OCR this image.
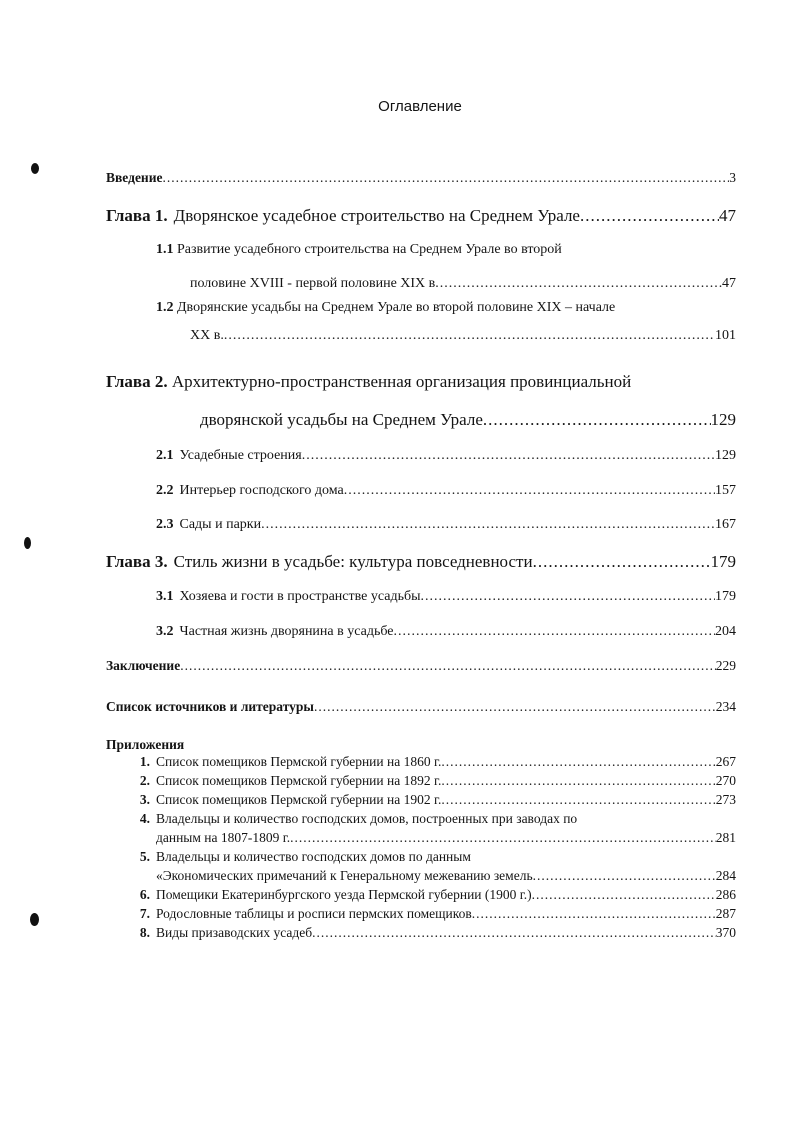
Оглавление
Введение .....	3
Глава 1. Дворянское усадебное строительство на Среднем Урале .....	47
1.1 Развитие усадебного строительства на Среднем Урале во второй
половине XVIII - первой половине XIX в .....	47
1.2 Дворянские усадьбы на Среднем Урале во второй половине XIX – начале
XX в. .....	101
Глава 2. Архитектурно-пространственная организация провинциальной
дворянской усадьбы на Среднем Урале .....	129
2.1 Усадебные строения .....	129
2.2 Интерьер господского дома .....	157
2.3 Сады и парки .....	167
Глава 3. Стиль жизни в усадьбе: культура повседневности .....	179
3.1 Хозяева и гости в пространстве усадьбы .....	179
3.2 Частная жизнь дворянина в усадьбе .....	204
Заключение .....	229
Список источников и литературы .....	234
Приложения
1. Список помещиков Пермской губернии на 1860 г. .....	267
2. Список помещиков Пермской губернии на 1892 г. .....	270
3. Список помещиков Пермской губернии на 1902 г. .....	273
4. Владельцы и количество господских домов, построенных при заводах по
данным на 1807-1809 г. .....	281
5. Владельцы и количество господских домов по данным
«Экономических примечаний к Генеральному межеванию земель .....	284
6. Помещики Екатеринбургского уезда Пермской губернии (1900 г.) .....	286
7. Родословные таблицы и росписи пермских помещиков .....	287
8. Виды призаводских усадеб .....	370
